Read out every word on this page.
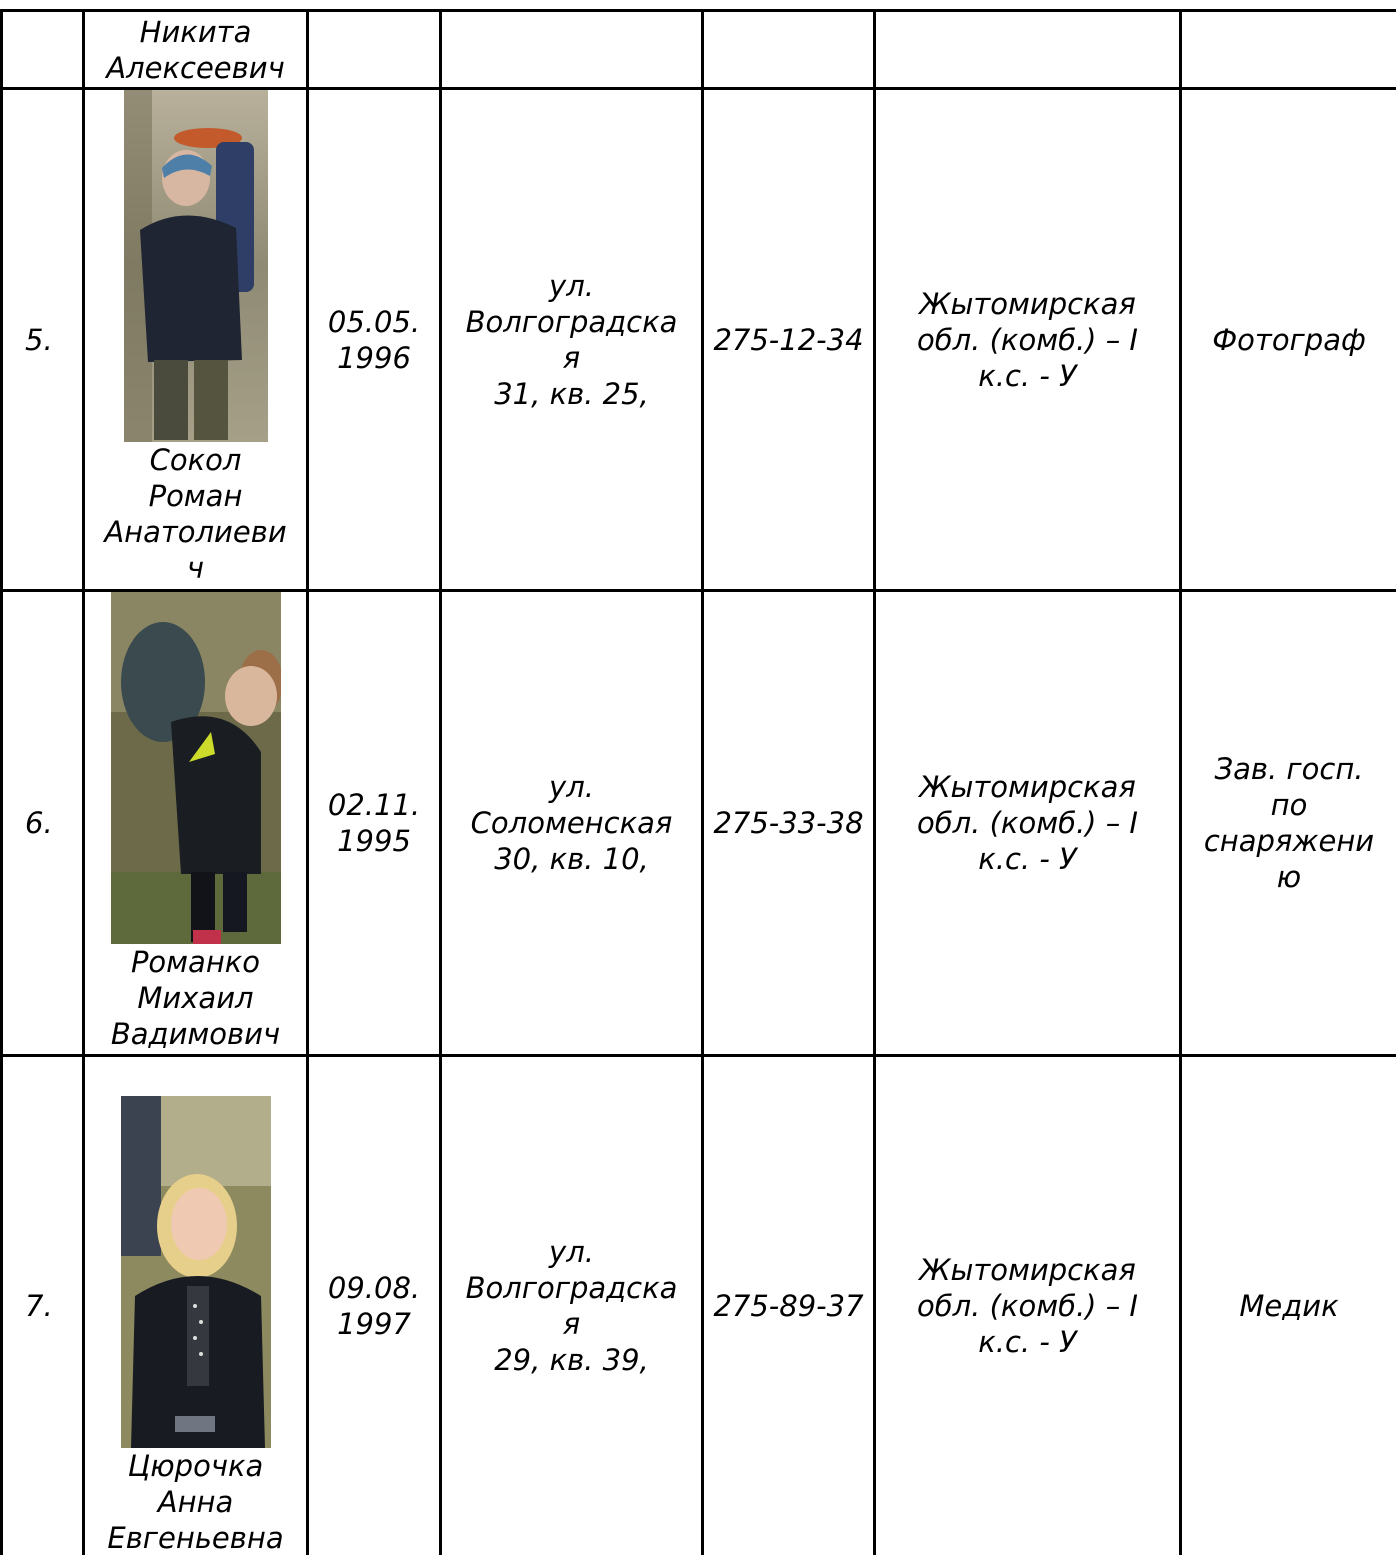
Никита
Алексеевич
5.
Сокол
Роман
Анатолиеви
ч
05.05.
1996
ул.
Волгоградска
я
31, кв. 25,
275-12-34
Жытомирская
обл. (комб.) – I
к.с. - У
Фотограф
6.
Романко
Михаил
Вадимович
02.11.
1995
ул.
Соломенская
30, кв. 10,
275-33-38
Жытомирская
обл. (комб.) – I
к.с. - У
Зав. госп.
по
снаряжени
ю
7.
Цюрочка
Анна
Евгеньевна
09.08.
1997
ул.
Волгоградска
я
29, кв. 39,
275-89-37
Жытомирская
обл. (комб.) – I
к.с. - У
Медик
